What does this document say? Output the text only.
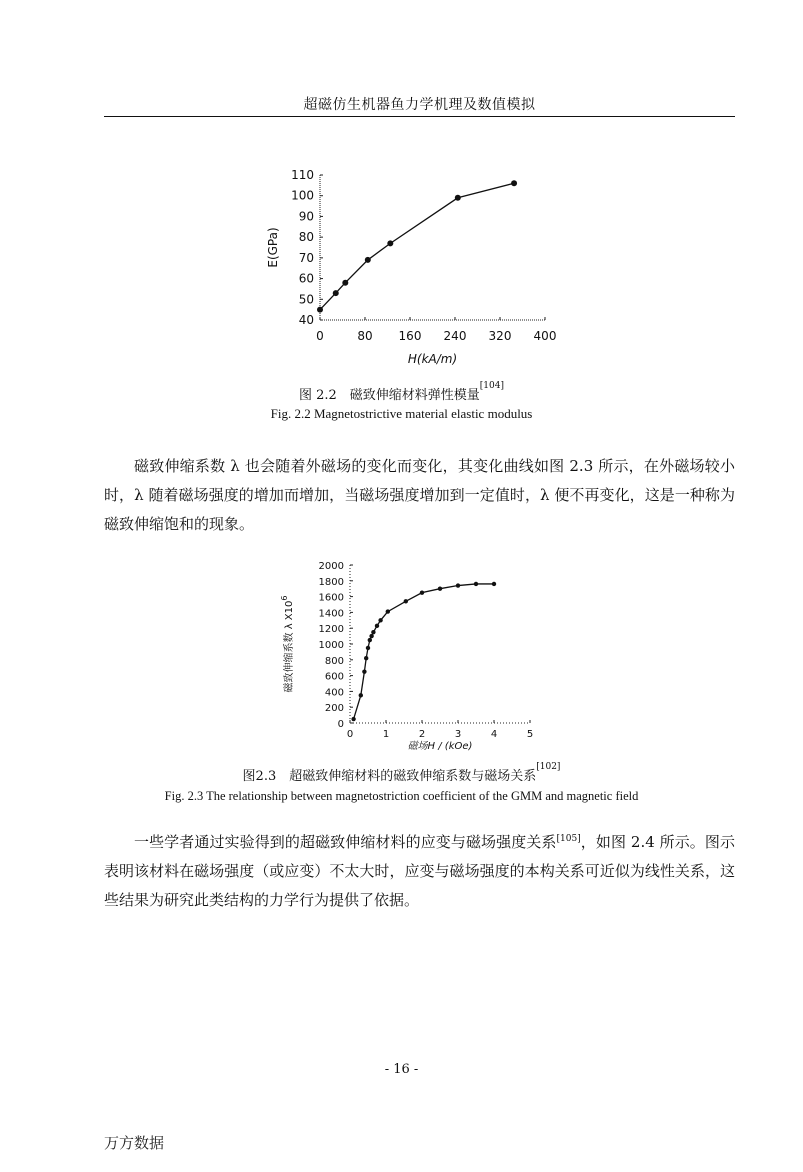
超磁仿生机器鱼力学机理及数值模拟
40
50
60
70
80
90
100
110
0	80 160 240 320 400
H(kA/m)
E(GPa)
图 2.2　磁致伸缩材料弹性模量[104]
Fig. 2.2 Magnetostrictive material elastic modulus

磁致伸缩系数 λ 也会随着外磁场的变化而变化，其变化曲线如图 2.3 所示，在外磁场较小时，λ 随着磁场强度的增加而增加，当磁场强度增加到一定值时，λ 便不再变化，这是一种称为磁致伸缩饱和的现象。

0
200
400
600
800
1000
1200
1400
1600
1800
2000
0	1	2	3	4	5
磁场H / (kOe)
磁致伸缩系数 λ $X10^6$
图2.3　超磁致伸缩材料的磁致伸缩系数与磁场关系[102]
Fig. 2.3 The relationship between magnetostriction coefficient of the GMM and magnetic field

一些学者通过实验得到的超磁致伸缩材料的应变与磁场强度关系[105]，如图 2.4 所示。图示表明该材料在磁场强度（或应变）不太大时，应变与磁场强度的本构关系可近似为线性关系，这些结果为研究此类结构的力学行为提供了依据。

- 16 -
万方数据
